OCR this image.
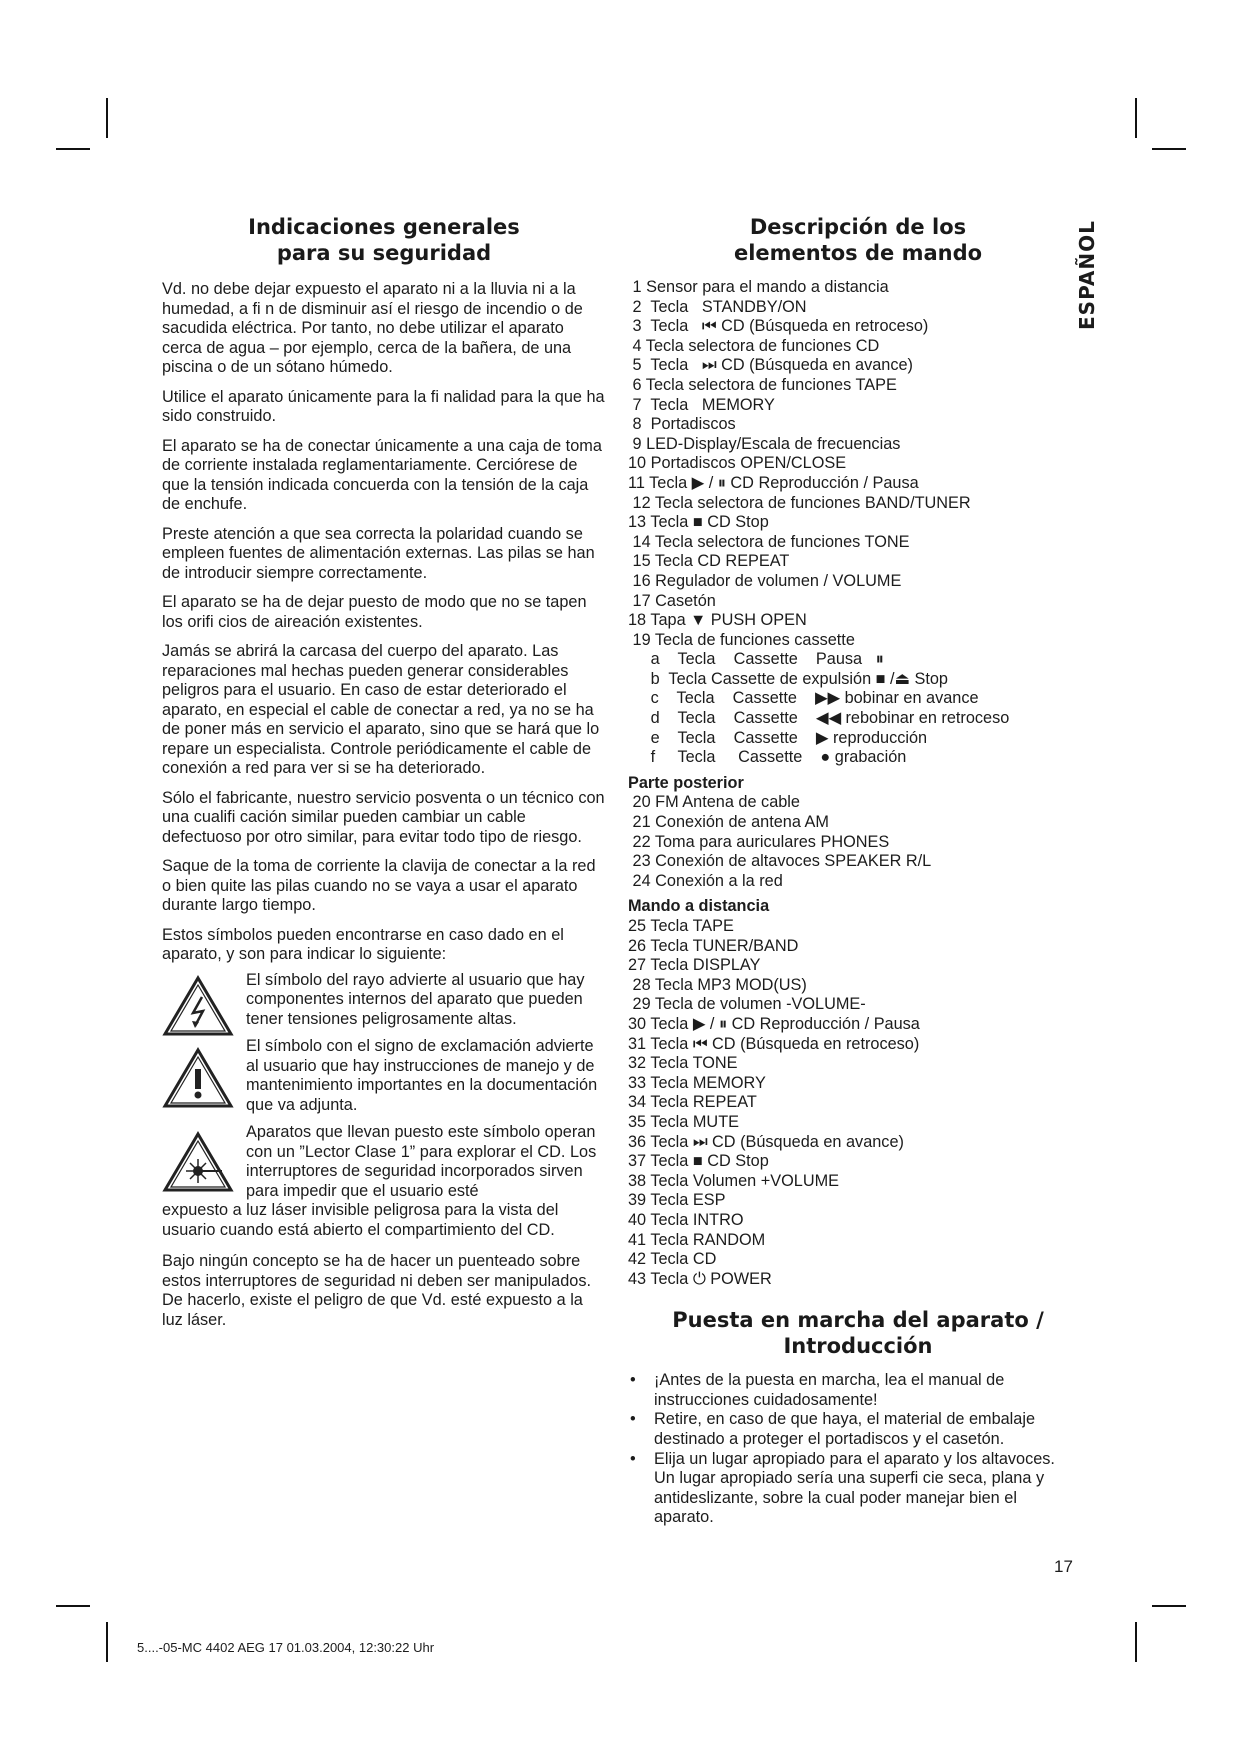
ESPAÑOL
Indicaciones generales
para su seguridad

Vd. no debe dejar expuesto el aparato ni a la lluvia ni a la humedad, a fi n de disminuir así el riesgo de incendio o de sacudida eléctrica. Por tanto, no debe utilizar el aparato cerca de agua – por ejemplo, cerca de la bañera, de una piscina o de un sótano húmedo.

Utilice el aparato únicamente para la fi nalidad para la que ha sido construido.

El aparato se ha de conectar únicamente a una caja de toma de corriente instalada reglamentariamente. Cerciórese de que la tensión indicada concuerda con la tensión de la caja de enchufe.

Preste atención a que sea correcta la polaridad cuando se empleen fuentes de alimentación externas. Las pilas se han de introducir siempre correctamente.

El aparato se ha de dejar puesto de modo que no se tapen los orifi cios de aireación existentes.

Jamás se abrirá la carcasa del cuerpo del aparato. Las reparaciones mal hechas pueden generar considerables peligros para el usuario. En caso de estar deteriorado el aparato, en especial el cable de conectar a red, ya no se ha de poner más en servicio el aparato, sino que se hará que lo repare un especialista. Controle periódicamente el cable de conexión a red para ver si se ha deteriorado.

Sólo el fabricante, nuestro servicio posventa o un técnico con una cualifi cación similar pueden cambiar un cable defectuoso por otro similar, para evitar todo tipo de riesgo.

Saque de la toma de corriente la clavija de conectar a la red o bien quite las pilas cuando no se vaya a usar el aparato durante largo tiempo.

Estos símbolos pueden encontrarse en caso dado en el aparato, y son para indicar lo siguiente:

El símbolo del rayo advierte al usuario que hay componentes internos del aparato que pueden tener tensiones peligrosamente altas.
El símbolo con el signo de exclamación advierte al usuario que hay instrucciones de manejo y de mantenimiento importantes en la documentación que va adjunta.
Aparatos que llevan puesto este símbolo operan con un ”Lector Clase 1” para explorar el CD. Los interruptores de seguridad incorporados sirven para impedir que el usuario esté
expuesto a luz láser invisible peligrosa para la vista del usuario cuando está abierto el compartimiento del CD.

Bajo ningún concepto se ha de hacer un puenteado sobre estos interruptores de seguridad ni deben ser manipulados. De hacerlo, existe el peligro de que Vd. esté expuesto a la luz láser.

Descripción de los
elementos de mando
1 Sensor para el mando a distancia
2  Tecla   STANDBY/ON
3  Tecla   ⏮ CD (Búsqueda en retroceso)
4 Tecla selectora de funciones CD
5  Tecla   ⏭ CD (Búsqueda en avance)
6 Tecla selectora de funciones TAPE
7  Tecla   MEMORY
8  Portadiscos
9 LED-Display/Escala de frecuencias
10 Portadiscos OPEN/CLOSE
11 Tecla ▶ / ⏸ CD Reproducción / Pausa
12 Tecla selectora de funciones BAND/TUNER
13 Tecla ■ CD Stop
14 Tecla selectora de funciones TONE
15 Tecla CD REPEAT
16 Regulador de volumen / VOLUME
17 Casetón
18 Tapa ▼ PUSH OPEN
19 Tecla de funciones cassette
a    Tecla    Cassette    Pausa   ⏸
b  Tecla Cassette de expulsión ■ /⏏ Stop
c    Tecla    Cassette    ▶▶ bobinar en avance
d    Tecla    Cassette    ◀◀ rebobinar en retroceso
e    Tecla    Cassette    ▶ reproducción
f     Tecla     Cassette    ● grabación
Parte posterior
20 FM Antena de cable
21 Conexión de antena AM
22 Toma para auriculares PHONES
23 Conexión de altavoces SPEAKER R/L
24 Conexión a la red
Mando a distancia
25 Tecla TAPE
26 Tecla TUNER/BAND
27 Tecla DISPLAY
28 Tecla MP3 MOD(US)
29 Tecla de volumen -VOLUME-
30 Tecla ▶ / ⏸ CD Reproducción / Pausa
31 Tecla ⏮ CD (Búsqueda en retroceso)
32 Tecla TONE
33 Tecla MEMORY
34 Tecla REPEAT
35 Tecla MUTE
36 Tecla ⏭ CD (Búsqueda en avance)
37 Tecla ■ CD Stop
38 Tecla Volumen +VOLUME
39 Tecla ESP
40 Tecla INTRO
41 Tecla RANDOM
42 Tecla CD
43 Tecla ⏻ POWER
Puesta en marcha del aparato /
Introducción
• ¡Antes de la puesta en marcha, lea el manual de instrucciones cuidadosamente!
• Retire, en caso de que haya, el material de embalaje destinado a proteger el portadiscos y el casetón.
• Elija un lugar apropiado para el aparato y los altavoces. Un lugar apropiado sería una superfi cie seca, plana y antideslizante, sobre la cual poder manejar bien el aparato.
17
5....-05-MC 4402 AEG 17 01.03.2004, 12:30:22 Uhr
